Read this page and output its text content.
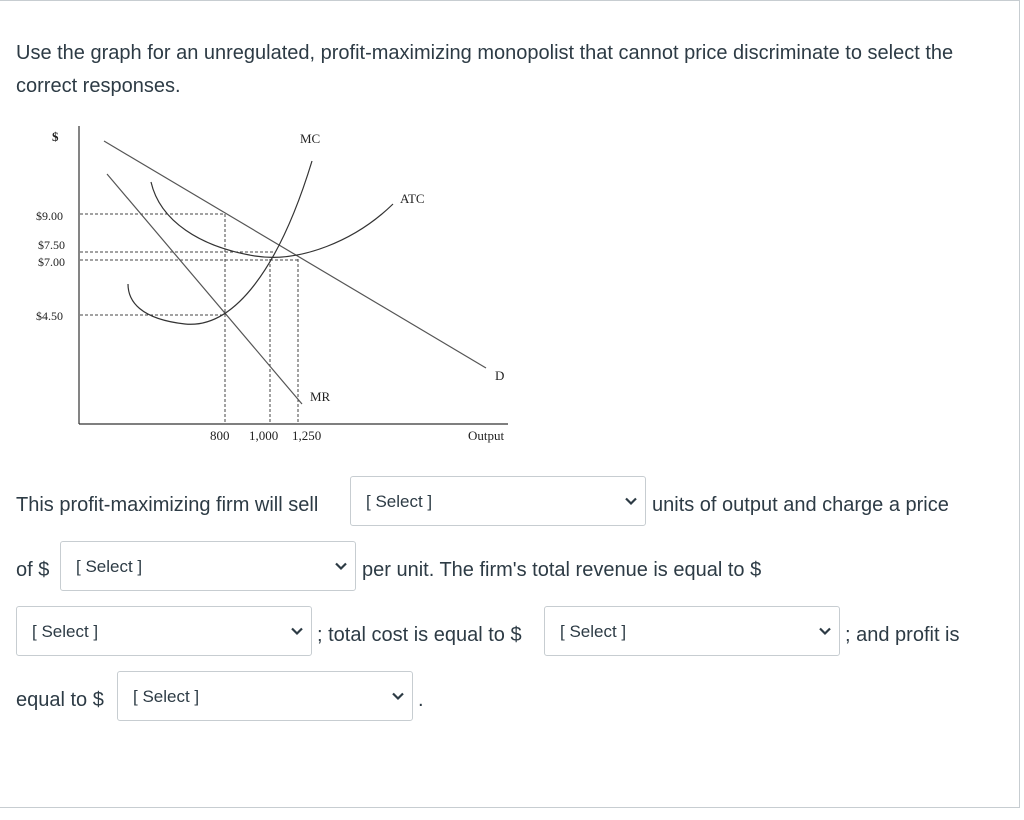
Use the graph for an unregulated, profit-maximizing monopolist that cannot price discriminate to select the correct responses.

$
$9.00
$7.50
$7.00
$4.50
800 1,000 1,250	Output
MC
ATC
D
MR
This profit-maximizing firm will sell	[ Select ]	units of output and charge a price
of $ [ Select ]	per unit. The firm's total revenue is equal to $
[ Select ]	; total cost is equal to $ [ Select ]	; and profit is
equal to $ [ Select ]	.
